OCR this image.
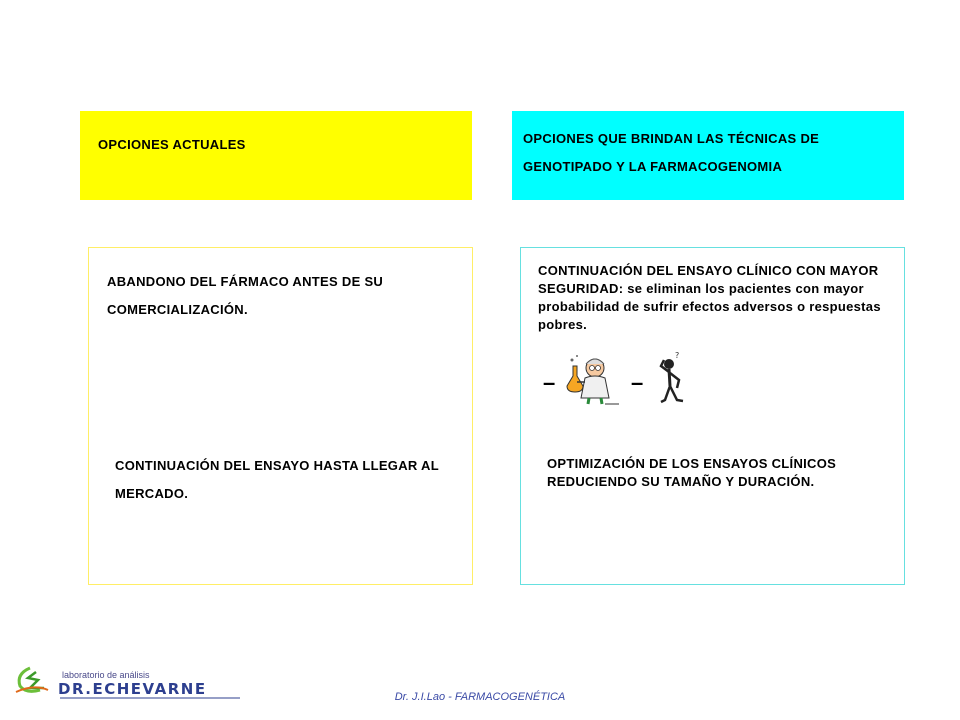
OPCIONES ACTUALES	OPCIONES QUE BRINDAN LAS TÉCNICAS DE GENOTIPADO Y LA FARMACOGENOMIA
ABANDONO DEL FÁRMACO ANTES DE SU COMERCIALIZACIÓN.
CONTINUACIÓN DEL ENSAYO HASTA LLEGAR AL MERCADO.
CONTINUACIÓN DEL ENSAYO CLÍNICO CON MAYOR SEGURIDAD: se eliminan los pacientes con mayor probabilidad de sufrir efectos adversos o respuestas pobres.
–	–
?
OPTIMIZACIÓN DE LOS ENSAYOS CLÍNICOS REDUCIENDO SU TAMAÑO Y DURACIÓN.
laboratorio de análisis
DR.ECHEVARNE	Dr. J.I.Lao - FARMACOGENÉTICA
